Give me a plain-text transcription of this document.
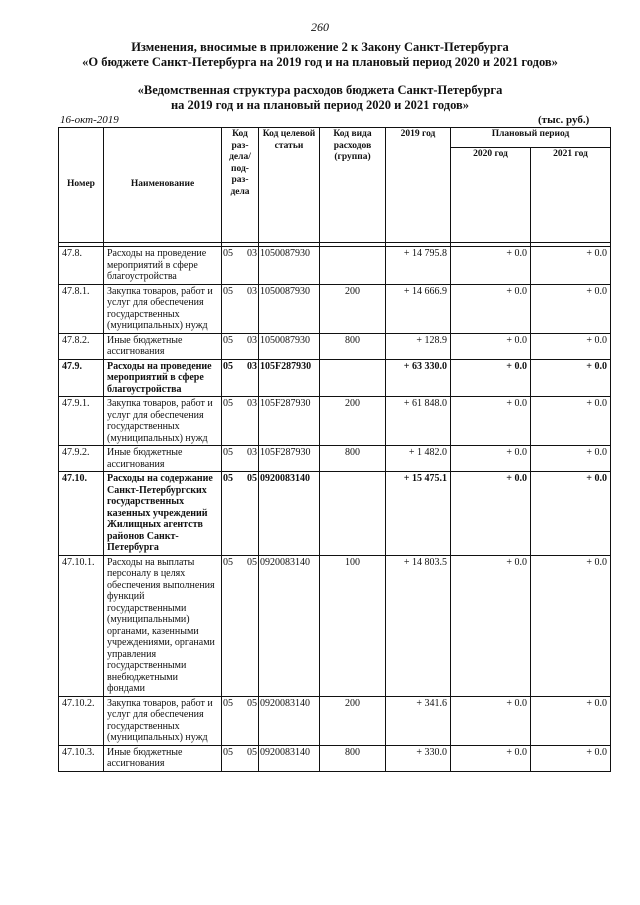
260
Изменения, вносимые в приложение 2 к Закону Санкт-Петербурга
«О бюджете Санкт-Петербурга на 2019 год и на плановый период 2020 и 2021 годов»
«Ведомственная структура расходов бюджета Санкт-Петербурга
на 2019 год и на плановый период 2020 и 2021 годов»
16-окт-2019	(тыс. руб.)
Номер	Наименование	Код раз- дела/ под- раз- дела	Код целевой статьи	Код вида расходов (группа)	2019 год	Плановый период	
						2020 год	2021 год

47.8.	Расходы на проведение мероприятий в сфере благоустройства	05 03	1050087930		+ 14 795.8	+ 0.0	+ 0.0
47.8.1.	Закупка товаров, работ и услуг для обеспечения государственных (муниципальных) нужд	05 03	1050087930	200	+ 14 666.9	+ 0.0	+ 0.0
47.8.2.	Иные бюджетные ассигнования	05 03	1050087930	800	+ 128.9	+ 0.0	+ 0.0
47.9.	Расходы на проведение мероприятий в сфере благоустройства	05 03	105F287930		+ 63 330.0	+ 0.0	+ 0.0
47.9.1.	Закупка товаров, работ и услуг для обеспечения государственных (муниципальных) нужд	05 03	105F287930	200	+ 61 848.0	+ 0.0	+ 0.0
47.9.2.	Иные бюджетные ассигнования	05 03	105F287930	800	+ 1 482.0	+ 0.0	+ 0.0
47.10.	Расходы на содержание Санкт-Петербургских государственных казенных учреждений Жилищных агентств районов Санкт-Петербурга	05 05	0920083140		+ 15 475.1	+ 0.0	+ 0.0
47.10.1.	Расходы на выплаты персоналу в целях обеспечения выполнения функций государственными (муниципальными) органами, казенными учреждениями, органами управления государственными внебюджетными фондами	05 05	0920083140	100	+ 14 803.5	+ 0.0	+ 0.0
47.10.2.	Закупка товаров, работ и услуг для обеспечения государственных (муниципальных) нужд	05 05	0920083140	200	+ 341.6	+ 0.0	+ 0.0
47.10.3.	Иные бюджетные ассигнования	05 05	0920083140	800	+ 330.0	+ 0.0	+ 0.0
